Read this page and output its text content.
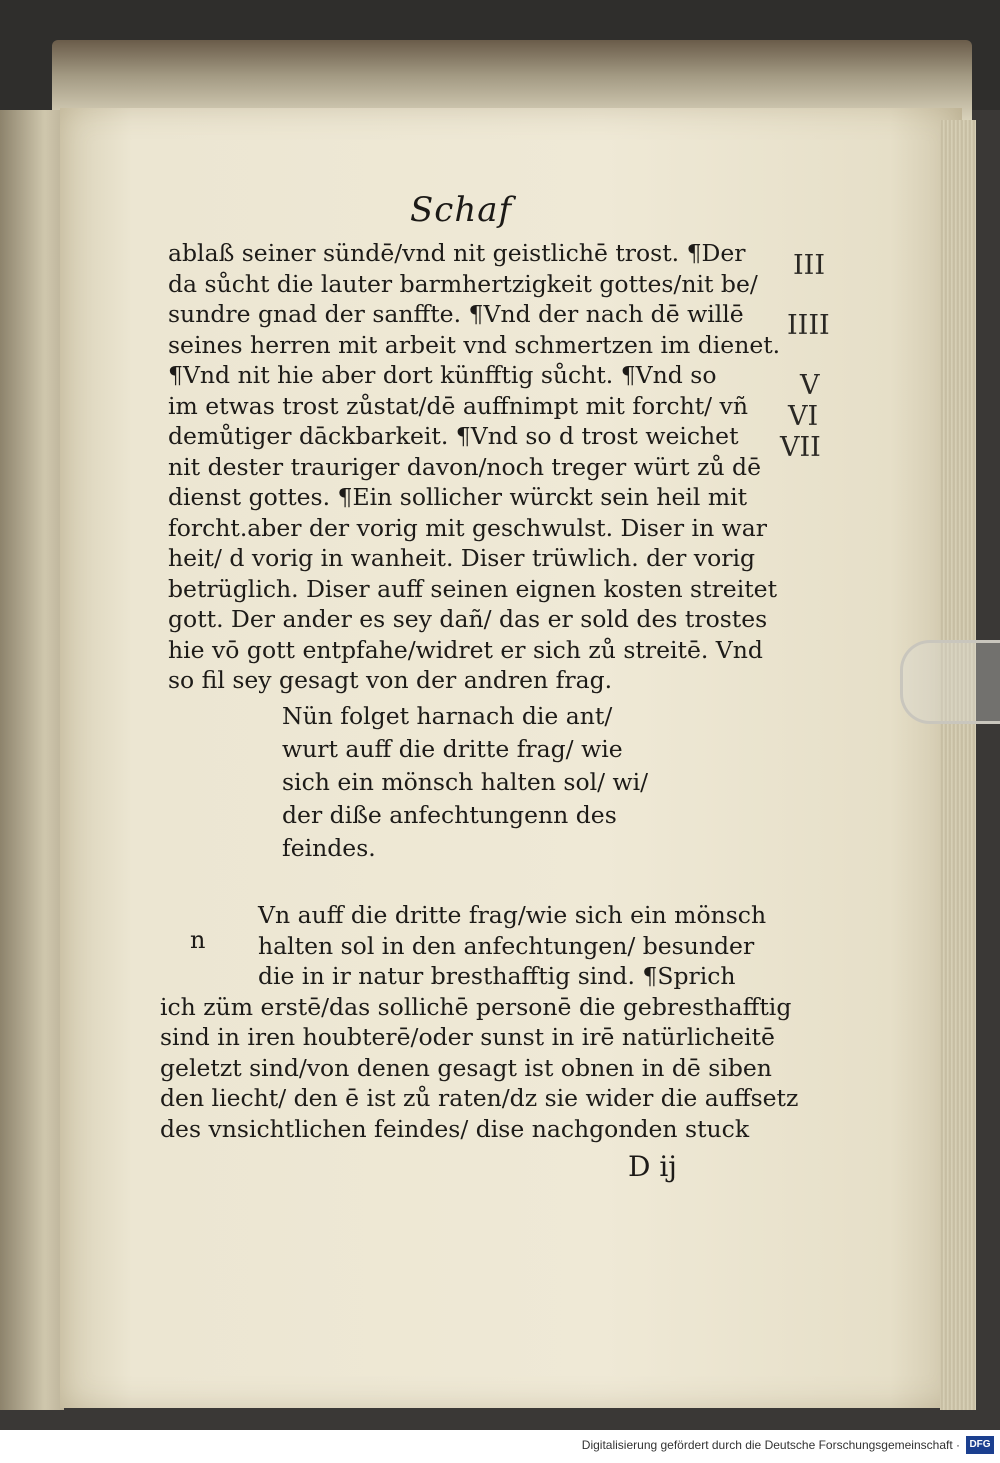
Schaf
ablaß seiner sündē/vnd nit geistlichē trost. ¶Der
da sůcht die lauter barmhertzigkeit gottes/nit be/
sundre gnad der sanffte. ¶Vnd der nach dē willē
seines herren mit arbeit vnd schmertzen im dienet.
¶Vnd nit hie aber dort künfftig sůcht. ¶Vnd so
im etwas trost zůstat/dē auffnimpt mit forcht/ vñ
demůtiger dāckbarkeit. ¶Vnd so d trost weichet
nit dester trauriger davon/noch treger würt zů dē
dienst gottes. ¶Ein sollicher würckt sein heil mit
forcht.aber der vorig mit geschwulst. Diser in war
heit/ d vorig in wanheit. Diser trüwlich. der vorig
betrüglich. Diser auff seinen eignen kosten streitet
gott. Der ander es sey dañ/ das er sold des trostes
hie vō gott entpfahe/widret er sich zů streitē. Vnd
so fil sey gesagt von der andren frag.
III
IIII
V
VI
VII
Nün folget harnach die ant/
wurt auff die dritte frag/ wie
sich ein mönsch halten sol/ wi/
der diße anfechtungenn des
feindes.
n
Vn auff die dritte frag/wie sich ein mönsch
halten sol in den anfechtungen/ besunder
die in ir natur bresthafftig sind. ¶Sprich
ich züm erstē/das sollichē personē die gebresthafftig
sind in iren houbterē/oder sunst in irē natürlicheitē
geletzt sind/von denen gesagt ist obnen in dē siben
den liecht/ den ē ist zů raten/dz sie wider die auffsetz
des vnsichtlichen feindes/ dise nachgonden stuck
D ij
Digitalisierung gefördert durch die Deutsche Forschungsgemeinschaft · DFG
